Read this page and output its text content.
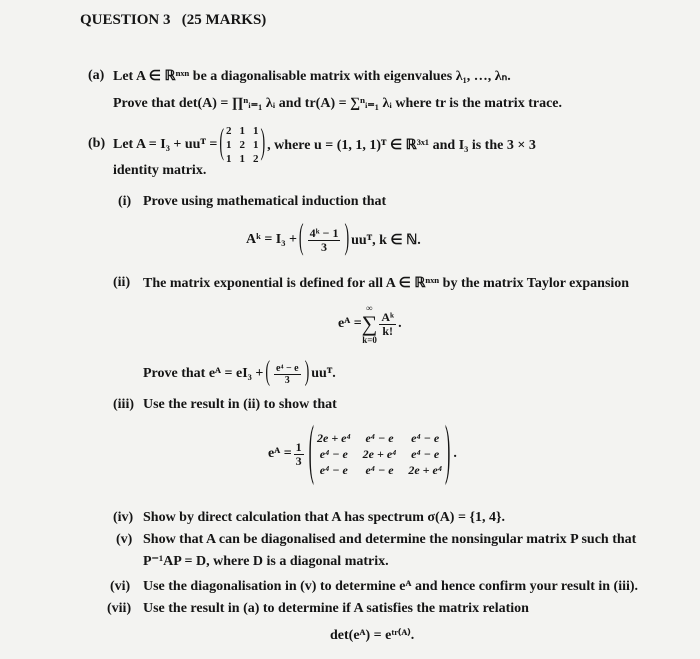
QUESTION 3 (25 MARKS)
(a) Let A ∈ ℝⁿˣⁿ be a diagonalisable matrix with eigenvalues λ₁, …, λₙ.
Prove that det(A) = ∏ⁿᵢ₌₁ λᵢ and tr(A) = ∑ⁿᵢ₌₁ λᵢ where tr is the matrix trace.
(b) Let A = I₃ + uuᵀ = ( 2 1 1
1 2 1
1 1 2 ) , where u = (1, 1, 1)ᵀ ∈ ℝ³ˣ¹ and I₃ is the 3 × 3
identity matrix.
(i) Prove using mathematical induction that
Aᵏ = I₃ + ( $\frac{\text{4ᵏ − 1}}{3}$ ) uuᵀ, k ∈ ℕ.
(ii) The matrix exponential is defined for all A ∈ ℝⁿˣⁿ by the matrix Taylor expansion
eᴬ =
∞
∑
k=0
$\frac{\text{Aᵏ}}{k!}$ .
Prove that eᴬ = eI₃ + ( $\frac{\text{e⁴ − e}}{3}$ ) uuᵀ.
(iii) Use the result in (ii) to show that
eᴬ = $\frac{1}{3}$ ( 2e + e⁴ e⁴ − e e⁴ − e
e⁴ − e 2e + e⁴ e⁴ − e
e⁴ − e e⁴ − e 2e + e⁴ ) .
(iv) Show by direct calculation that A has spectrum σ(A) = {1, 4}.
(v) Show that A can be diagonalised and determine the nonsingular matrix P such that
P⁻¹AP = D, where D is a diagonal matrix.
(vi) Use the diagonalisation in (v) to determine eᴬ and hence confirm your result in (iii).
(vii) Use the result in (a) to determine if A satisfies the matrix relation
det(eᴬ) = eᵗʳ⁽ᴬ⁾.
